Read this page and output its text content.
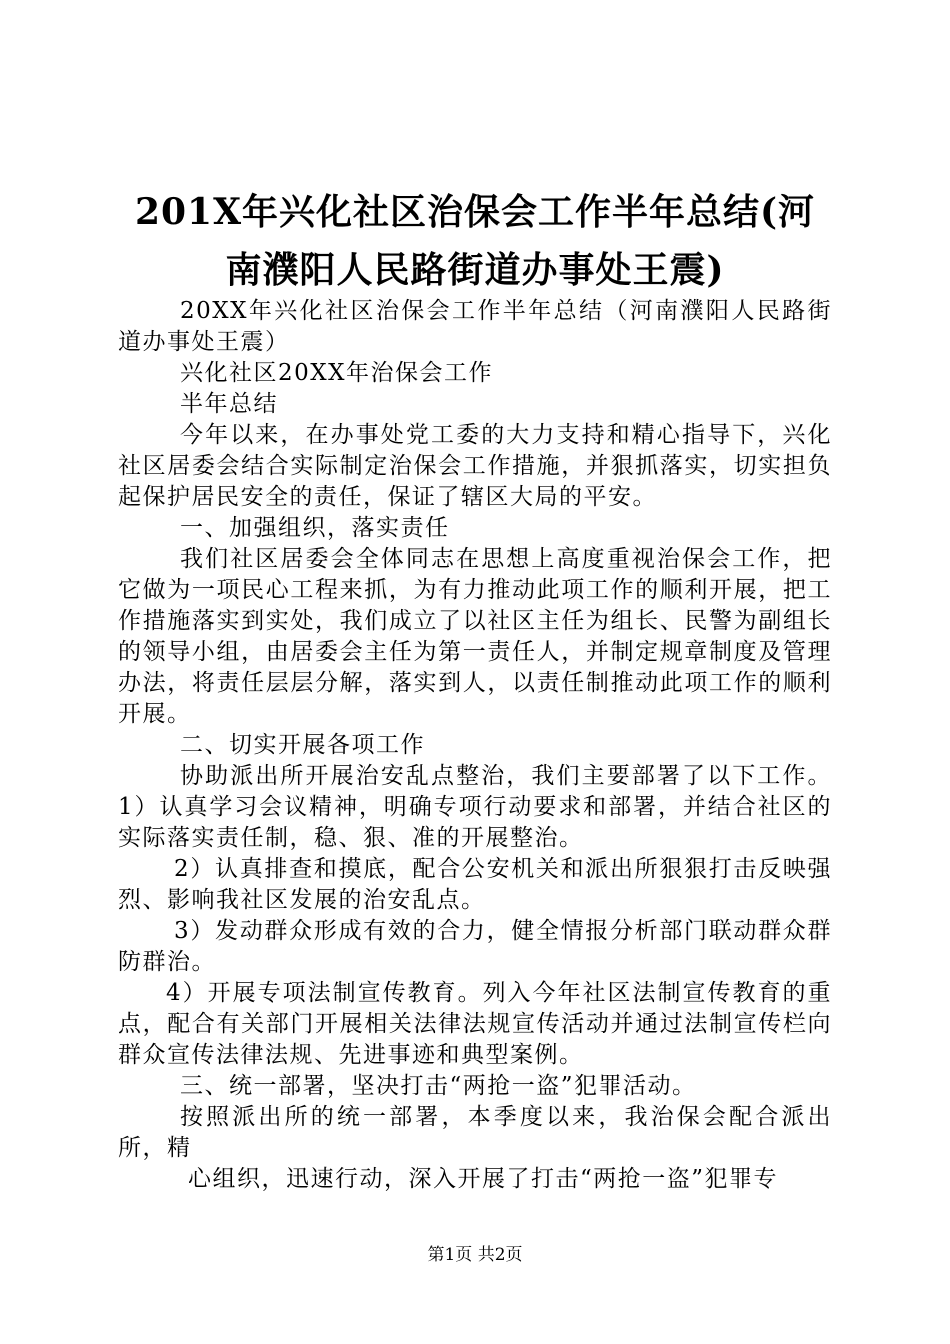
201X年兴化社区治保会工作半年总结(河南濮阳人民路街道办事处王震)

20XX年兴化社区治保会工作半年总结（河南濮阳人民路街道办事处王震）

兴化社区20XX年治保会工作

半年总结

今年以来，在办事处党工委的大力支持和精心指导下，兴化社区居委会结合实际制定治保会工作措施，并狠抓落实，切实担负起保护居民安全的责任，保证了辖区大局的平安。

一、加强组织，落实责任

我们社区居委会全体同志在思想上高度重视治保会工作，把它做为一项民心工程来抓，为有力推动此项工作的顺利开展，把工作措施落实到实处，我们成立了以社区主任为组长、民警为副组长的领导小组，由居委会主任为第一责任人，并制定规章制度及管理办法，将责任层层分解，落实到人，以责任制推动此项工作的顺利开展。

二、切实开展各项工作

协助派出所开展治安乱点整治，我们主要部署了以下工作。1）认真学习会议精神，明确专项行动要求和部署，并结合社区的实际落实责任制，稳、狠、准的开展整治。

2）认真排查和摸底，配合公安机关和派出所狠狠打击反映强烈、影响我社区发展的治安乱点。

3）发动群众形成有效的合力，健全情报分析部门联动群众群防群治。

4）开展专项法制宣传教育。列入今年社区法制宣传教育的重点，配合有关部门开展相关法律法规宣传活动并通过法制宣传栏向群众宣传法律法规、先进事迹和典型案例。

三、统一部署，坚决打击“两抢一盗”犯罪活动。

按照派出所的统一部署，本季度以来，我治保会配合派出所，精

心组织，迅速行动，深入开展了打击“两抢一盗”犯罪专

第1页 共2页
